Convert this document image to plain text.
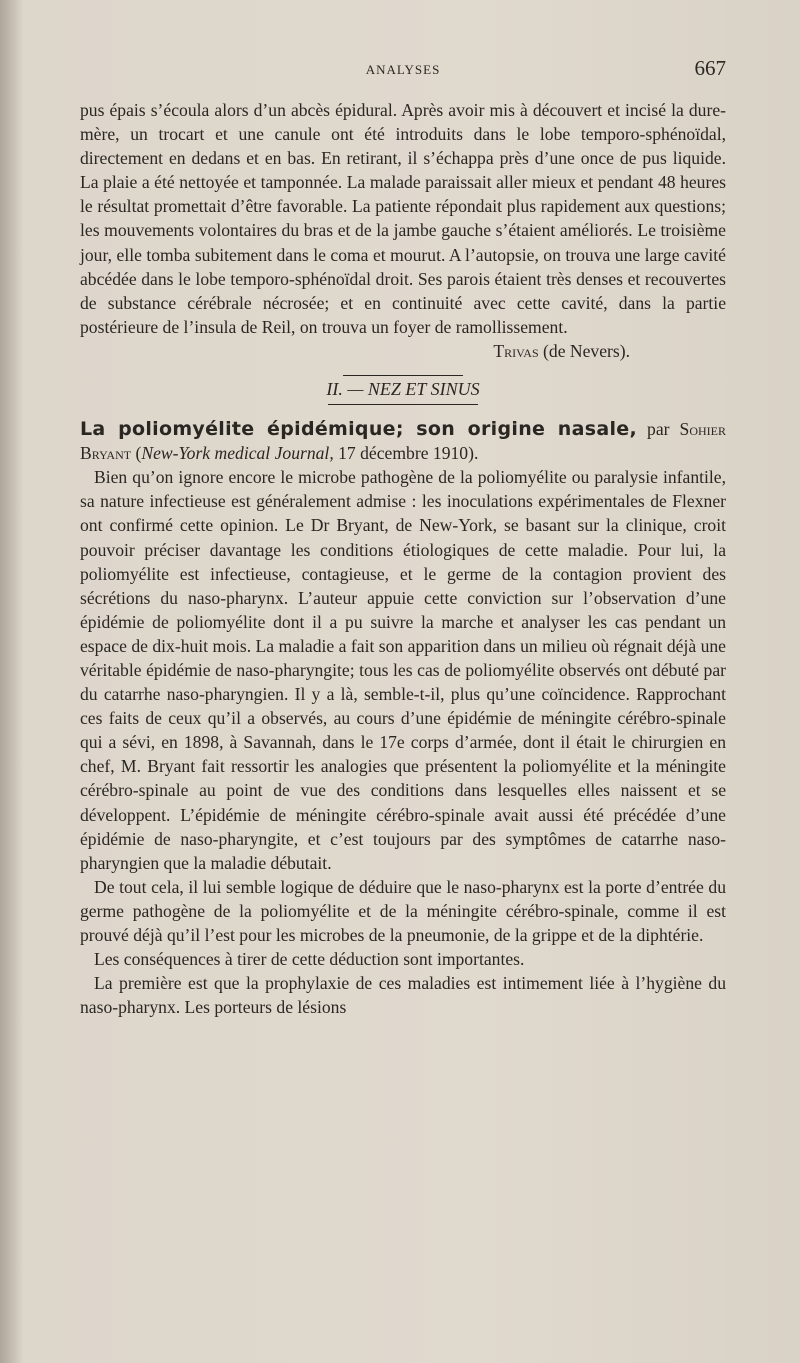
ANALYSES	667

pus épais s’écoula alors d’un abcès épidural. Après avoir mis à découvert et incisé la dure-mère, un trocart et une canule ont été introduits dans le lobe temporo-sphénoïdal, directement en dedans et en bas. En retirant, il s’échappa près d’une once de pus liquide. La plaie a été nettoyée et tamponnée. La malade paraissait aller mieux et pendant 48 heures le résultat promettait d’être favorable. La patiente répondait plus rapidement aux questions; les mouvements volontaires du bras et de la jambe gauche s’étaient améliorés. Le troisième jour, elle tomba subitement dans le coma et mourut. A l’autopsie, on trouva une large cavité abcédée dans le lobe temporo-sphénoïdal droit. Ses parois étaient très denses et recouvertes de substance cérébrale nécrosée; et en continuité avec cette cavité, dans la partie postérieure de l’insula de Reil, on trouva un foyer de ramollissement.
Trivas (de Nevers).

II. — NEZ ET SINUS

La poliomyélite épidémique; son origine nasale, par Sohier Bryant (New-York medical Journal, 17 décembre 1910).

Bien qu’on ignore encore le microbe pathogène de la poliomyélite ou paralysie infantile, sa nature infectieuse est généralement admise : les inoculations expérimentales de Flexner ont confirmé cette opinion. Le Dr Bryant, de New-York, se basant sur la clinique, croit pouvoir préciser davantage les conditions étiologiques de cette maladie. Pour lui, la poliomyélite est infectieuse, contagieuse, et le germe de la contagion provient des sécrétions du naso-pharynx. L’auteur appuie cette conviction sur l’observation d’une épidémie de poliomyélite dont il a pu suivre la marche et analyser les cas pendant un espace de dix-huit mois. La maladie a fait son apparition dans un milieu où régnait déjà une véritable épidémie de naso-pharyngite; tous les cas de poliomyélite observés ont débuté par du catarrhe naso-pharyngien. Il y a là, semble-t-il, plus qu’une coïncidence. Rapprochant ces faits de ceux qu’il a observés, au cours d’une épidémie de méningite cérébro-spinale qui a sévi, en 1898, à Savannah, dans le 17e corps d’armée, dont il était le chirurgien en chef, M. Bryant fait ressortir les analogies que présentent la poliomyélite et la méningite cérébro-spinale au point de vue des conditions dans lesquelles elles naissent et se développent. L’épidémie de méningite cérébro-spinale avait aussi été précédée d’une épidémie de naso-pharyngite, et c’est toujours par des symptômes de catarrhe naso-pharyngien que la maladie débutait.

De tout cela, il lui semble logique de déduire que le naso-pharynx est la porte d’entrée du germe pathogène de la poliomyélite et de la méningite cérébro-spinale, comme il est prouvé déjà qu’il l’est pour les microbes de la pneumonie, de la grippe et de la diphtérie.

Les conséquences à tirer de cette déduction sont importantes.

La première est que la prophylaxie de ces maladies est intimement liée à l’hygiène du naso-pharynx. Les porteurs de lésions
